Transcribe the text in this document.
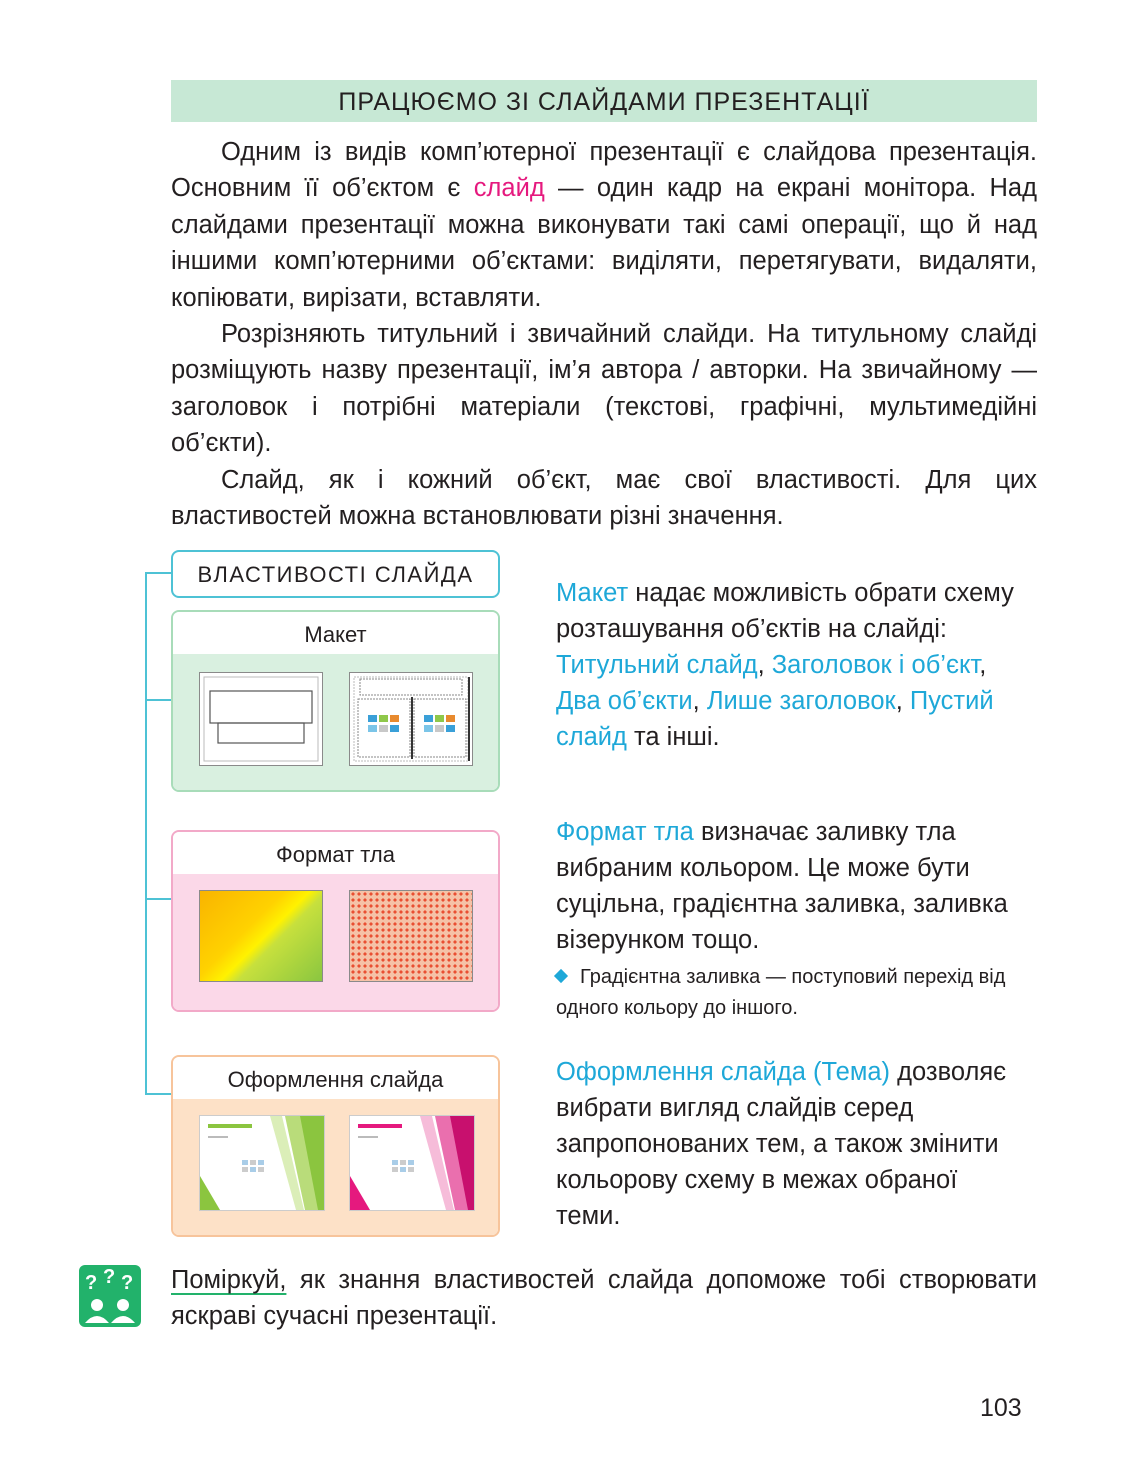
ПРАЦЮЄМО ЗІ СЛАЙДАМИ ПРЕЗЕНТАЦІЇ

Одним із видів комп’ютерної презентації є слайдова презентація. Основним її об’єктом є слайд — один кадр на екрані монітора. Над слайдами презентації можна виконувати такі самі операції, що й над іншими комп’ютерними об’єктами: виділяти, перетягувати, видаляти, копіювати, вирізати, вставляти.

Розрізняють титульний і звичайний слайди. На титульному слайді розміщують назву презентації, ім’я автора / авторки. На звичайному — заголовок і потрібні матеріали (текстові, графічні, мультимедійні об’єкти).

Слайд, як і кожний об’єкт, має свої властивості. Для цих властивостей можна встановлювати різні значення.

ВЛАСТИВОСТІ СЛАЙДА
Макет
Формат тла
Оформлення слайда
Макет надає можливість обрати схему розташування об’єктів на слайді: Титульний слайд, Заголовок і об’єкт, Два об’єкти, Лише заголовок, Пустий слайд та інші.
Формат тла визначає заливку тла вибраним кольором. Це може бути суцільна, градієнтна заливка, заливка візерунком тощо.
Градієнтна заливка — поступовий перехід від одного кольору до іншого.
Оформлення слайда (Тема) дозволяє вибрати вигляд слайдів серед запропонованих тем, а також змінити кольорову схему в межах обраної теми.
? ? ? Поміркуй, як знання властивостей слайда допоможе тобі створювати яскраві сучасні презентації.
103
